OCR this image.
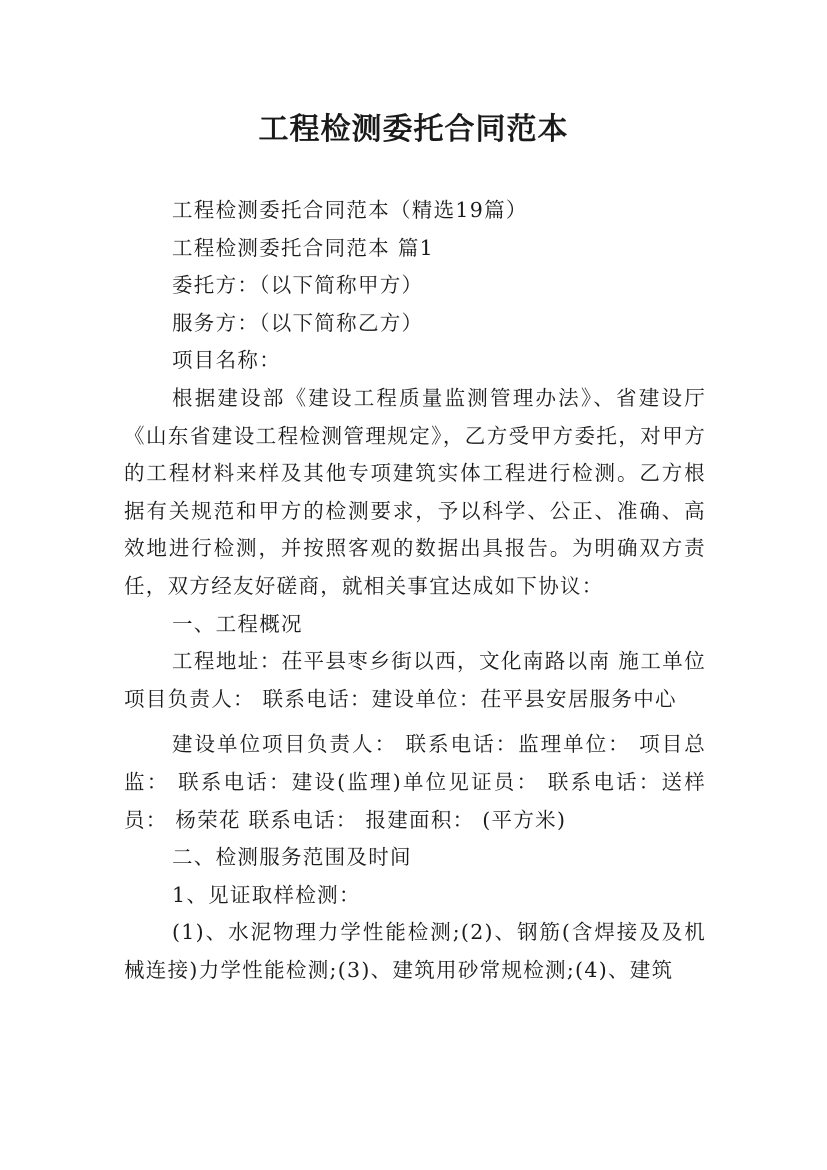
工程检测委托合同范本

工程检测委托合同范本（精选19篇）

工程检测委托合同范本 篇1

委托方：（以下简称甲方）

服务方：（以下简称乙方）

项目名称：

根据建设部《建设工程质量监测管理办法》、省建设厅《山东省建设工程检测管理规定》，乙方受甲方委托，对甲方的工程材料来样及其他专项建筑实体工程进行检测。乙方根据有关规范和甲方的检测要求，予以科学、公正、准确、高效地进行检测，并按照客观的数据出具报告。为明确双方责任，双方经友好磋商，就相关事宜达成如下协议：

一、工程概况

工程地址：茌平县枣乡街以西，文化南路以南 施工单位项目负责人： 联系电话：建设单位：茌平县安居服务中心

建设单位项目负责人： 联系电话：监理单位： 项目总监： 联系电话：建设(监理)单位见证员： 联系电话：送样员： 杨荣花 联系电话： 报建面积： (平方米)

二、检测服务范围及时间

1、见证取样检测：

(1)、水泥物理力学性能检测;(2)、钢筋(含焊接及及机械连接)力学性能检测;(3)、建筑用砂常规检测;(4)、建筑
